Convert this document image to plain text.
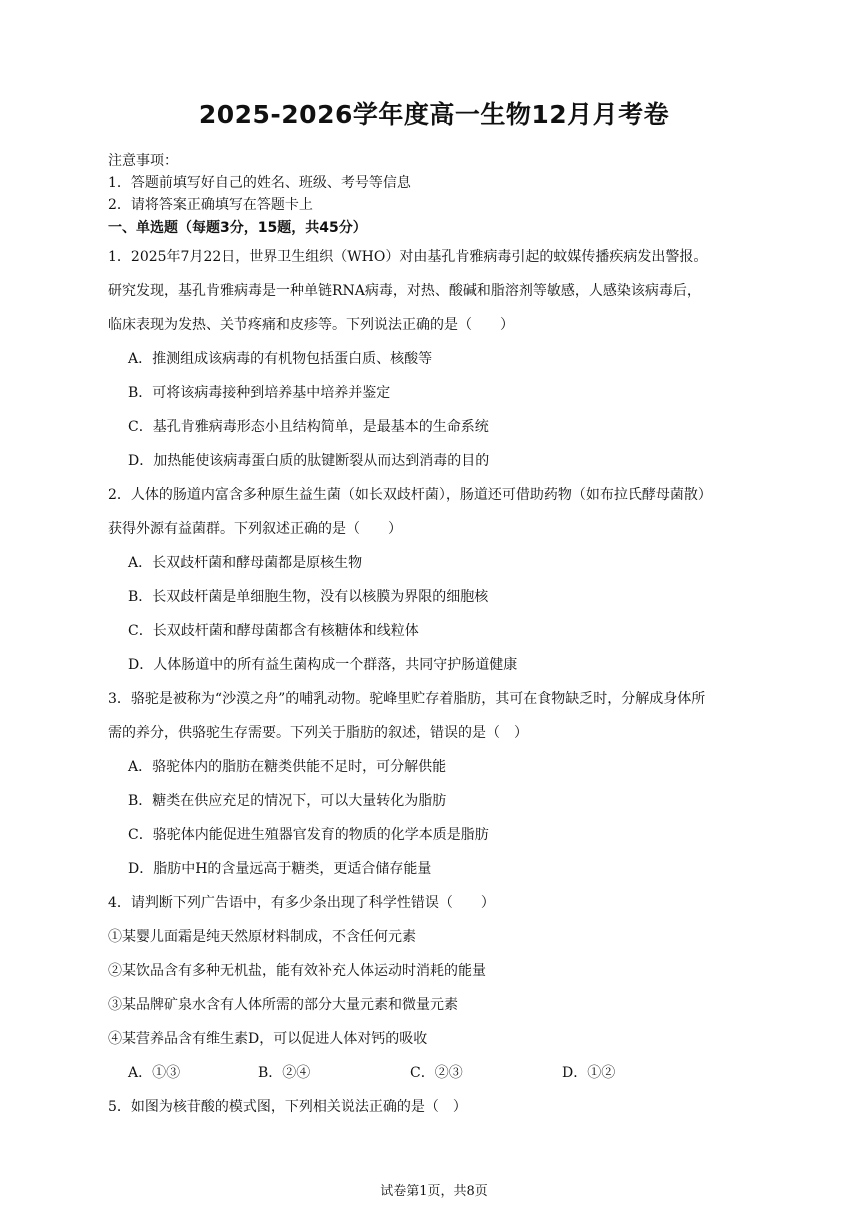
2025-2026学年度高一生物12月月考卷
注意事项：
1．答题前填写好自己的姓名、班级、考号等信息
2．请将答案正确填写在答题卡上
一、单选题（每题3分，15题，共45分）
1．2025年7月22日，世界卫生组织（WHO）对由基孔肯雅病毒引起的蚊媒传播疾病发出警报。
研究发现，基孔肯雅病毒是一种单链RNA病毒，对热、酸碱和脂溶剂等敏感，人感染该病毒后，
临床表现为发热、关节疼痛和皮疹等。下列说法正确的是（　　）
A．推测组成该病毒的有机物包括蛋白质、核酸等
B．可将该病毒接种到培养基中培养并鉴定
C．基孔肯雅病毒形态小且结构简单，是最基本的生命系统
D．加热能使该病毒蛋白质的肽键断裂从而达到消毒的目的
2．人体的肠道内富含多种原生益生菌（如长双歧杆菌），肠道还可借助药物（如布拉氏酵母菌散）
获得外源有益菌群。下列叙述正确的是（　　）
A．长双歧杆菌和酵母菌都是原核生物
B．长双歧杆菌是单细胞生物，没有以核膜为界限的细胞核
C．长双歧杆菌和酵母菌都含有核糖体和线粒体
D．人体肠道中的所有益生菌构成一个群落，共同守护肠道健康
3．骆驼是被称为“沙漠之舟”的哺乳动物。驼峰里贮存着脂肪，其可在食物缺乏时，分解成身体所
需的养分，供骆驼生存需要。下列关于脂肪的叙述，错误的是（　）
A．骆驼体内的脂肪在糖类供能不足时，可分解供能
B．糖类在供应充足的情况下，可以大量转化为脂肪
C．骆驼体内能促进生殖器官发育的物质的化学本质是脂肪
D．脂肪中H的含量远高于糖类，更适合储存能量
4．请判断下列广告语中，有多少条出现了科学性错误（　　）
①某婴儿面霜是纯天然原材料制成，不含任何元素
②某饮品含有多种无机盐，能有效补充人体运动时消耗的能量
③某品牌矿泉水含有人体所需的部分大量元素和微量元素
④某营养品含有维生素D，可以促进人体对钙的吸收
A．①③	B．②④	C．②③	D．①②
5．如图为核苷酸的模式图，下列相关说法正确的是（　）
试卷第1页，共8页
